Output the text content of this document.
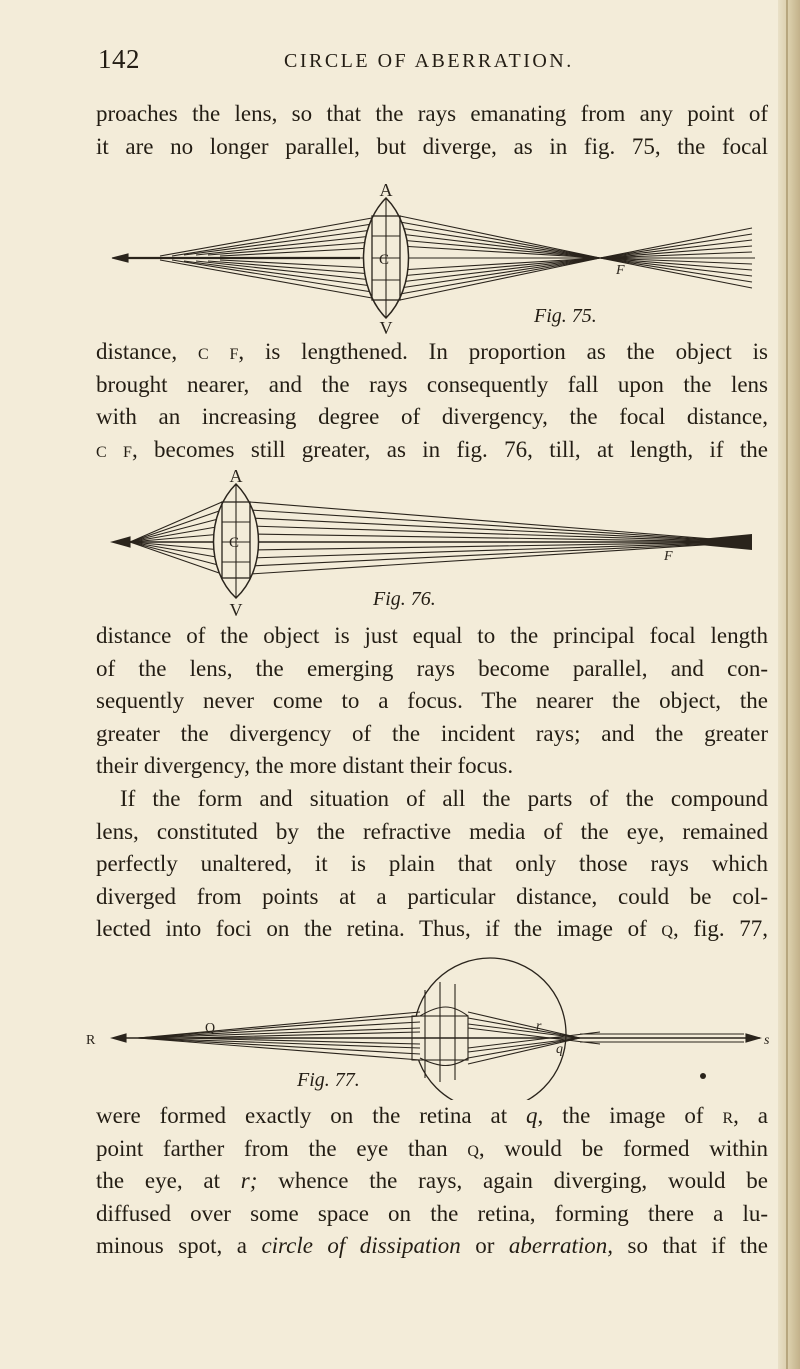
142	CIRCLE OF ABERRATION.

proaches the lens, so that the rays emanating from any point of
it are no longer parallel, but diverge, as in fig. 75, the focal

A
C
F
V
Fig. 75.

distance, c f, is lengthened. In proportion as the object is
brought nearer, and the rays consequently fall upon the lens
with an increasing degree of divergency, the focal distance,
c f, becomes still greater, as in fig. 76, till, at length, if the

A
C
F
V	Fig. 76.

distance of the object is just equal to the principal focal length
of the lens, the emerging rays become parallel, and con-
sequently never come to a focus. The nearer the object, the
greater the divergency of the incident rays; and the greater
their divergency, the more distant their focus.
If the form and situation of all the parts of the compound
lens, constituted by the refractive media of the eye, remained
perfectly unaltered, it is plain that only those rays which
diverged from points at a particular distance, could be col-
lected into foci on the retina. Thus, if the image of q, fig. 77,

R
Q
q
r
s
Fig. 77.

were formed exactly on the retina at q, the image of r, a
point farther from the eye than q, would be formed within
the eye, at r; whence the rays, again diverging, would be
diffused over some space on the retina, forming there a lu-
minous spot, a circle of dissipation or aberration, so that if the
